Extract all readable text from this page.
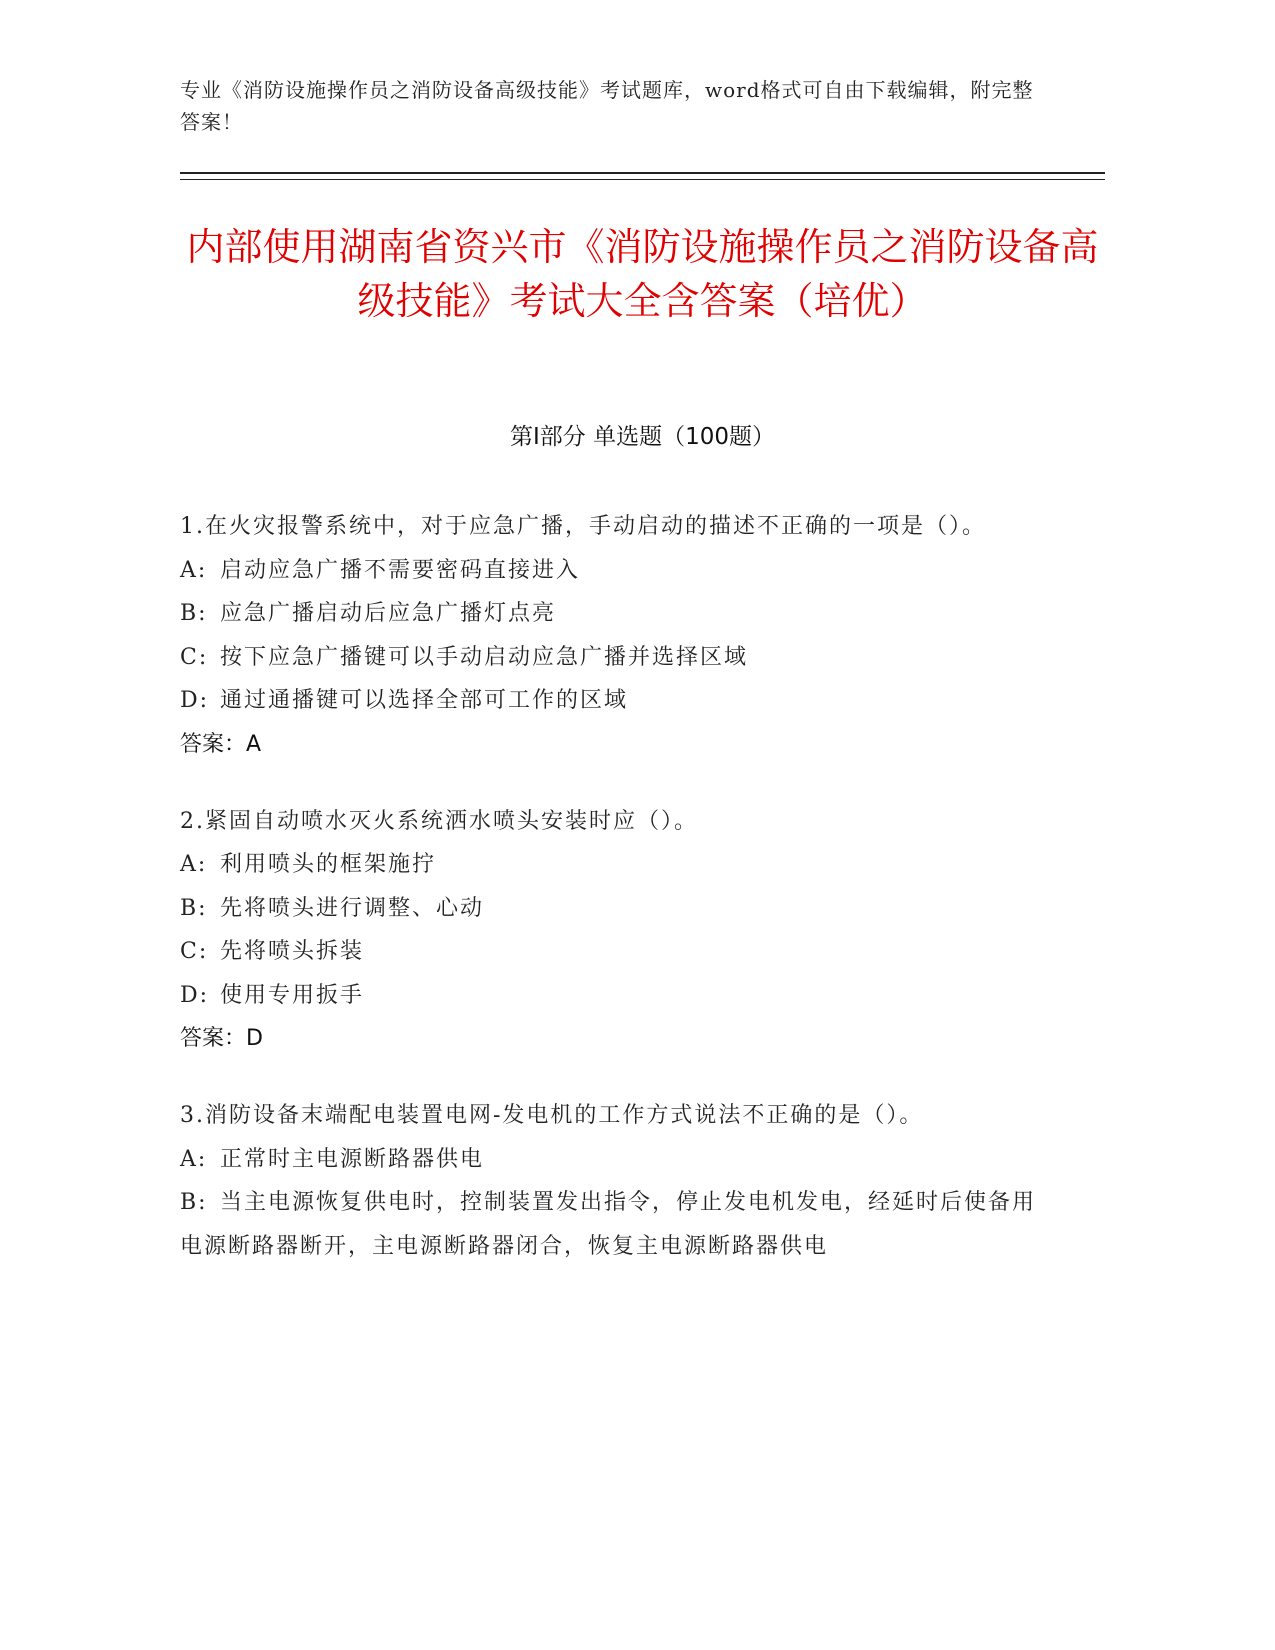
专业《消防设施操作员之消防设备高级技能》考试题库，word格式可自由下载编辑，附完整答案！
内部使用湖南省资兴市《消防设施操作员之消防设备高级技能》考试大全含答案（培优）
第Ⅰ部分 单选题（100题）
1.在火灾报警系统中，对于应急广播，手动启动的描述不正确的一项是（）。
A: 启动应急广播不需要密码直接进入
B: 应急广播启动后应急广播灯点亮
C: 按下应急广播键可以手动启动应急广播并选择区域
D: 通过通播键可以选择全部可工作的区域
答案：A
2.紧固自动喷水灭火系统洒水喷头安装时应（）。
A: 利用喷头的框架施拧
B: 先将喷头进行调整、心动
C: 先将喷头拆装
D: 使用专用扳手
答案：D
3.消防设备末端配电装置电网-发电机的工作方式说法不正确的是（）。
A: 正常时主电源断路器供电
B: 当主电源恢复供电时，控制装置发出指令，停止发电机发电，经延时后使备用电源断路器断开，主电源断路器闭合，恢复主电源断路器供电
